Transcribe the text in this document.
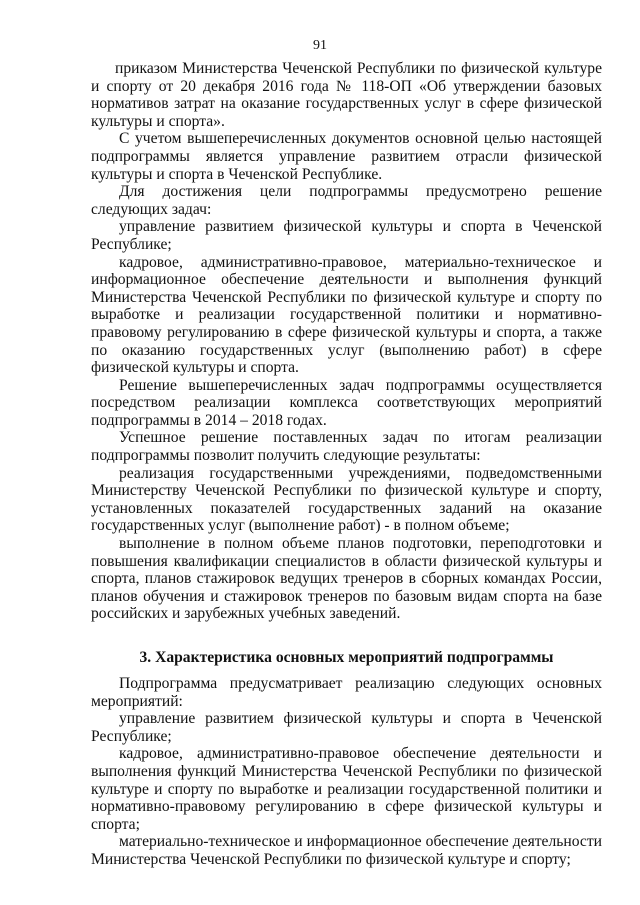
91

приказом Министерства Чеченской Республики по физической культуре и спорту от 20 декабря 2016 года № 118-ОП «Об утверждении базовых нормативов затрат на оказание государственных услуг в сфере физической культуры и спорта».

С учетом вышеперечисленных документов основной целью настоящей подпрограммы является управление развитием отрасли физической культуры и спорта в Чеченской Республике.

Для достижения цели подпрограммы предусмотрено решение следующих задач:

управление развитием физической культуры и спорта в Чеченской Республике;

кадровое, административно-правовое, материально-техническое и информационное обеспечение деятельности и выполнения функций Министерства Чеченской Республики по физической культуре и спорту по выработке и реализации государственной политики и нормативно-правовому регулированию в сфере физической культуры и спорта, а также по оказанию государственных услуг (выполнению работ) в сфере физической культуры и спорта.

Решение вышеперечисленных задач подпрограммы осуществляется посредством реализации комплекса соответствующих мероприятий подпрограммы в 2014 – 2018 годах.

Успешное решение поставленных задач по итогам реализации подпрограммы позволит получить следующие результаты:

реализация государственными учреждениями, подведомственными Министерству Чеченской Республики по физической культуре и спорту, установленных показателей государственных заданий на оказание государственных услуг (выполнение работ) - в полном объеме;

выполнение в полном объеме планов подготовки, переподготовки и повышения квалификации специалистов в области физической культуры и спорта, планов стажировок ведущих тренеров в сборных командах России, планов обучения и стажировок тренеров по базовым видам спорта на базе российских и зарубежных учебных заведений.

3. Характеристика основных мероприятий подпрограммы

Подпрограмма предусматривает реализацию следующих основных мероприятий:

управление развитием физической культуры и спорта в Чеченской Республике;

кадровое, административно-правовое обеспечение деятельности и выполнения функций Министерства Чеченской Республики по физической культуре и спорту по выработке и реализации государственной политики и нормативно-правовому регулированию в сфере физической культуры и спорта;

материально-техническое и информационное обеспечение деятельности Министерства Чеченской Республики по физической культуре и спорту;
